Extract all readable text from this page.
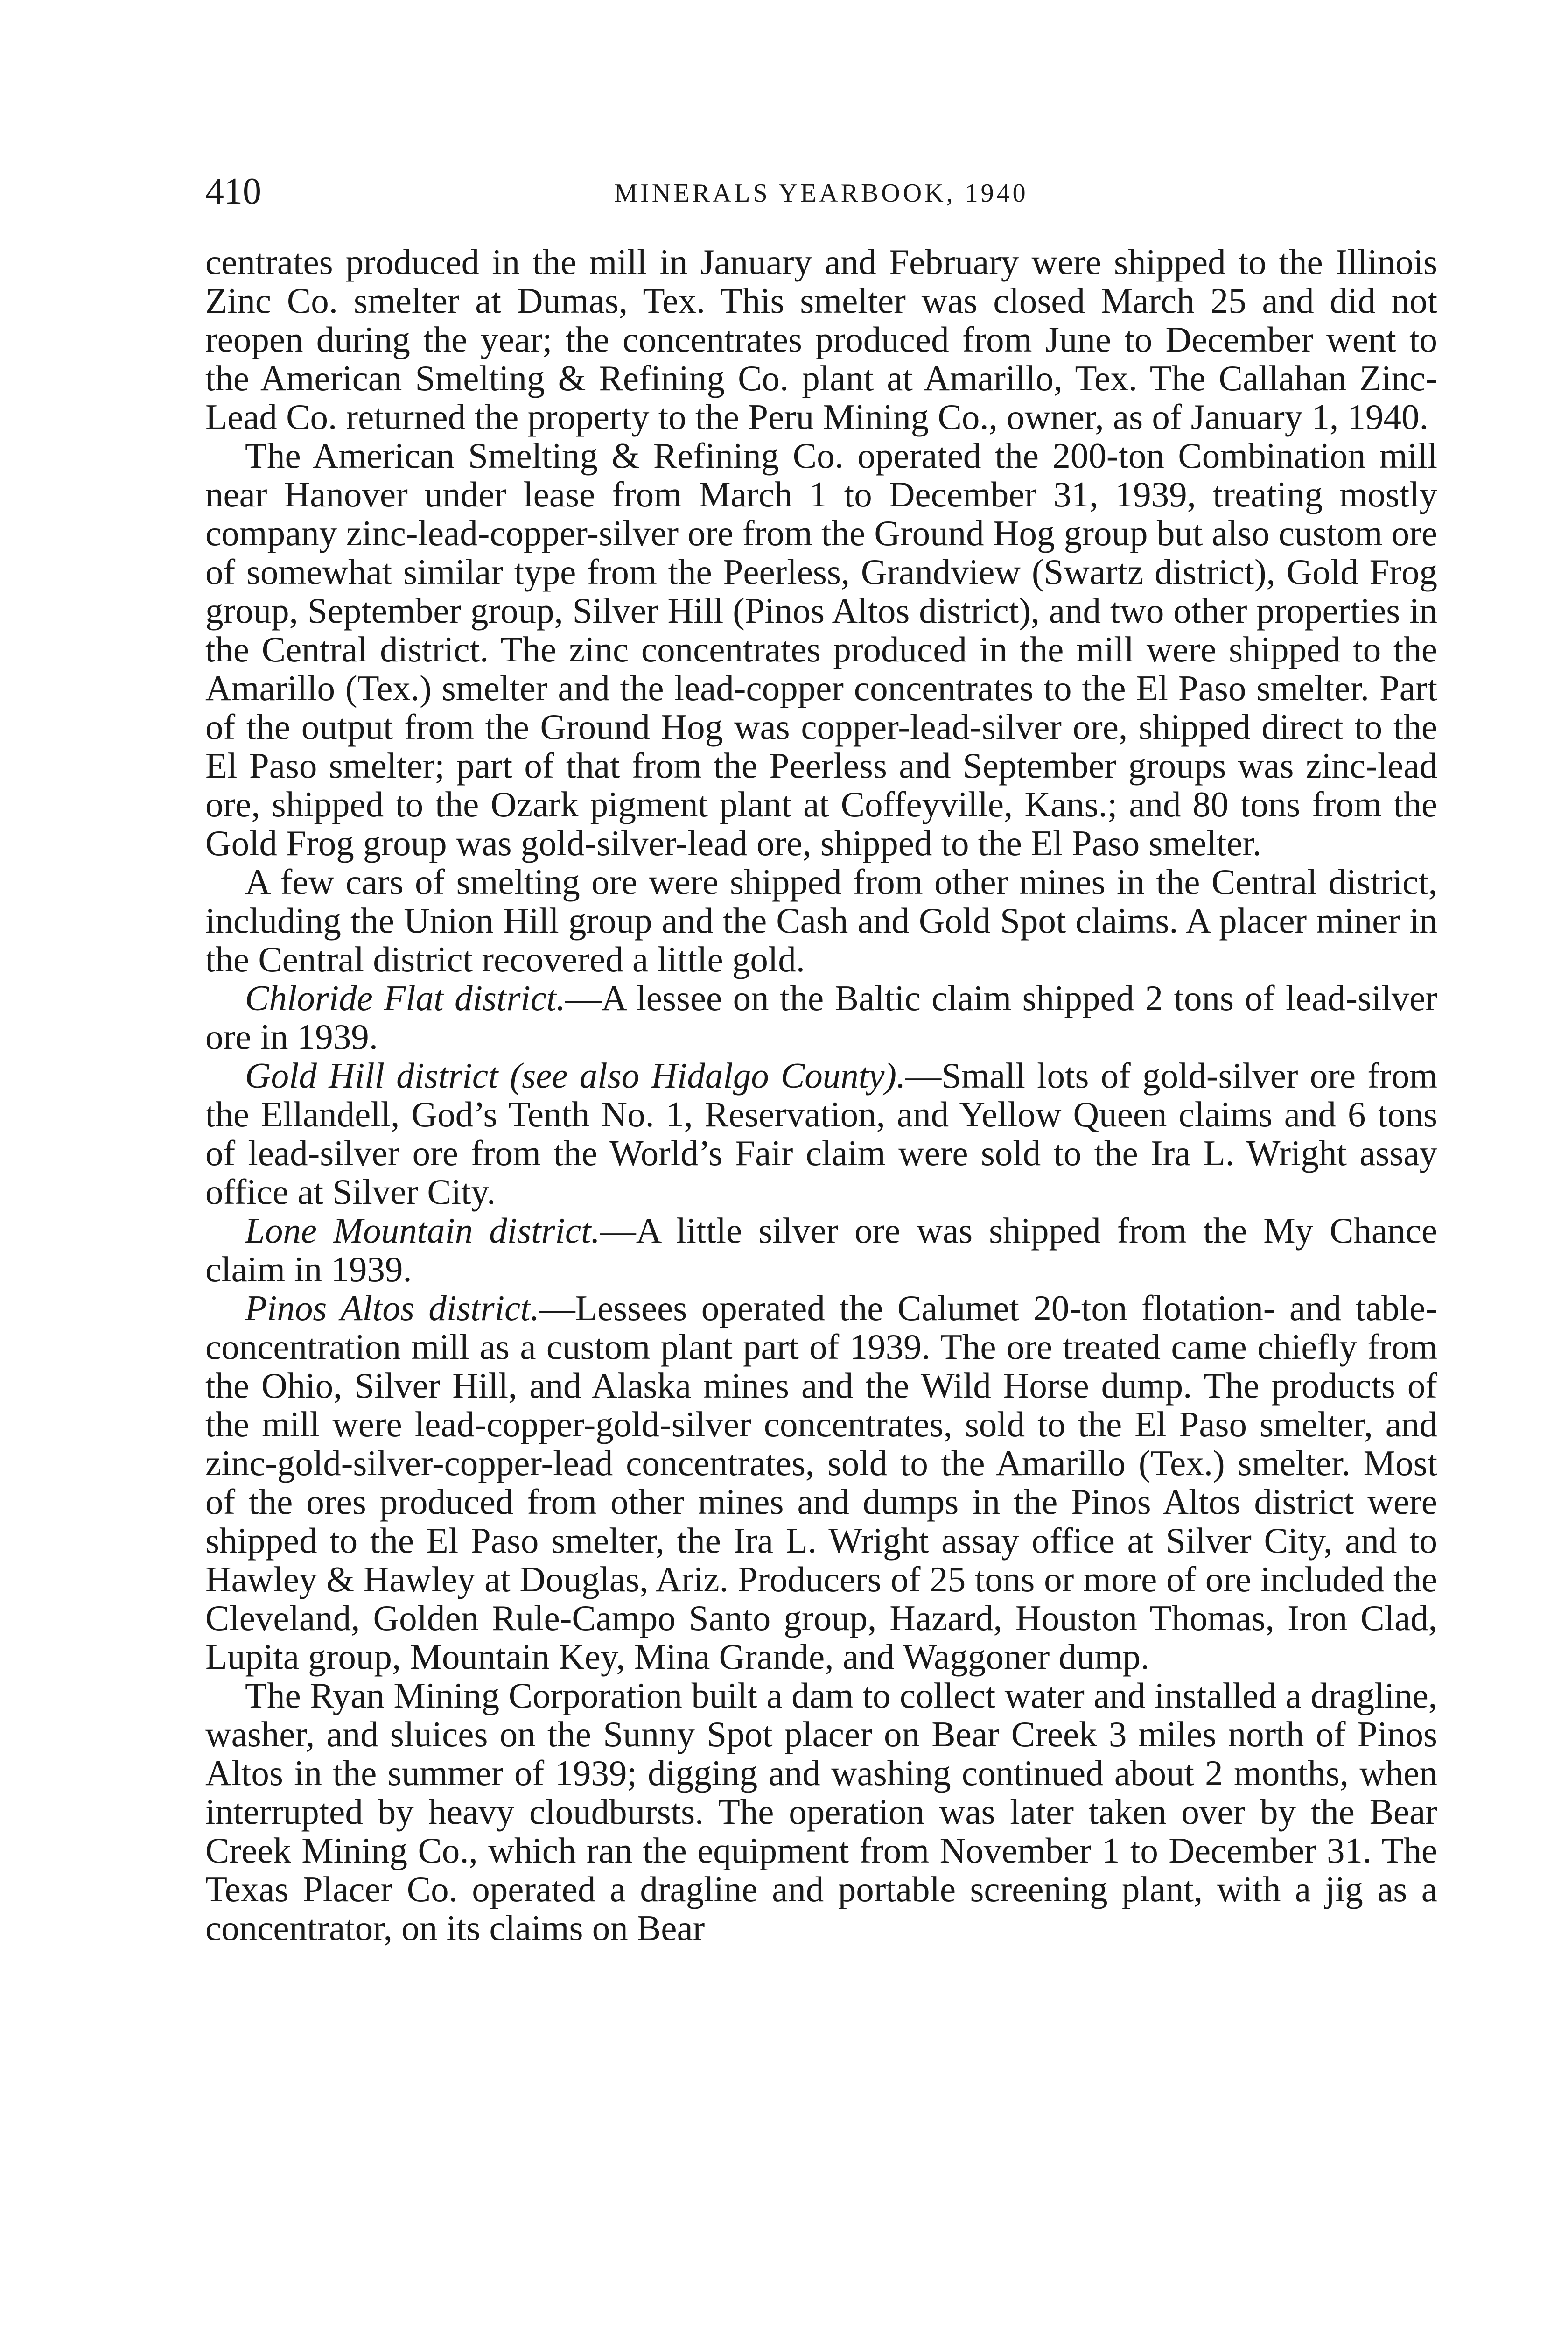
410	MINERALS YEARBOOK, 1940

centrates produced in the mill in January and February were shipped to the Illinois Zinc Co. smelter at Dumas, Tex. This smelter was closed March 25 and did not reopen during the year; the concentrates produced from June to December went to the American Smelting & Refining Co. plant at Amarillo, Tex. The Callahan Zinc-Lead Co. returned the property to the Peru Mining Co., owner, as of January 1, 1940.

The American Smelting & Refining Co. operated the 200-ton Combination mill near Hanover under lease from March 1 to December 31, 1939, treating mostly company zinc-lead-copper-silver ore from the Ground Hog group but also custom ore of somewhat similar type from the Peerless, Grandview (Swartz district), Gold Frog group, September group, Silver Hill (Pinos Altos district), and two other properties in the Central district. The zinc concentrates produced in the mill were shipped to the Amarillo (Tex.) smelter and the lead-copper concentrates to the El Paso smelter. Part of the output from the Ground Hog was copper-lead-silver ore, shipped direct to the El Paso smelter; part of that from the Peerless and September groups was zinc-lead ore, shipped to the Ozark pigment plant at Coffeyville, Kans.; and 80 tons from the Gold Frog group was gold-silver-lead ore, shipped to the El Paso smelter.

A few cars of smelting ore were shipped from other mines in the Central district, including the Union Hill group and the Cash and Gold Spot claims. A placer miner in the Central district recovered a little gold.

Chloride Flat district.—A lessee on the Baltic claim shipped 2 tons of lead-silver ore in 1939.

Gold Hill district (see also Hidalgo County).—Small lots of gold-silver ore from the Ellandell, God’s Tenth No. 1, Reservation, and Yellow Queen claims and 6 tons of lead-silver ore from the World’s Fair claim were sold to the Ira L. Wright assay office at Silver City.

Lone Mountain district.—A little silver ore was shipped from the My Chance claim in 1939.

Pinos Altos district.—Lessees operated the Calumet 20-ton flotation- and table-concentration mill as a custom plant part of 1939. The ore treated came chiefly from the Ohio, Silver Hill, and Alaska mines and the Wild Horse dump. The products of the mill were lead-copper-gold-silver concentrates, sold to the El Paso smelter, and zinc-gold-silver-copper-lead concentrates, sold to the Amarillo (Tex.) smelter. Most of the ores produced from other mines and dumps in the Pinos Altos district were shipped to the El Paso smelter, the Ira L. Wright assay office at Silver City, and to Hawley & Hawley at Douglas, Ariz. Producers of 25 tons or more of ore included the Cleveland, Golden Rule-Campo Santo group, Hazard, Houston Thomas, Iron Clad, Lupita group, Mountain Key, Mina Grande, and Waggoner dump.

The Ryan Mining Corporation built a dam to collect water and installed a dragline, washer, and sluices on the Sunny Spot placer on Bear Creek 3 miles north of Pinos Altos in the summer of 1939; digging and washing continued about 2 months, when interrupted by heavy cloudbursts. The operation was later taken over by the Bear Creek Mining Co., which ran the equipment from November 1 to December 31. The Texas Placer Co. operated a dragline and portable screening plant, with a jig as a concentrator, on its claims on Bear
